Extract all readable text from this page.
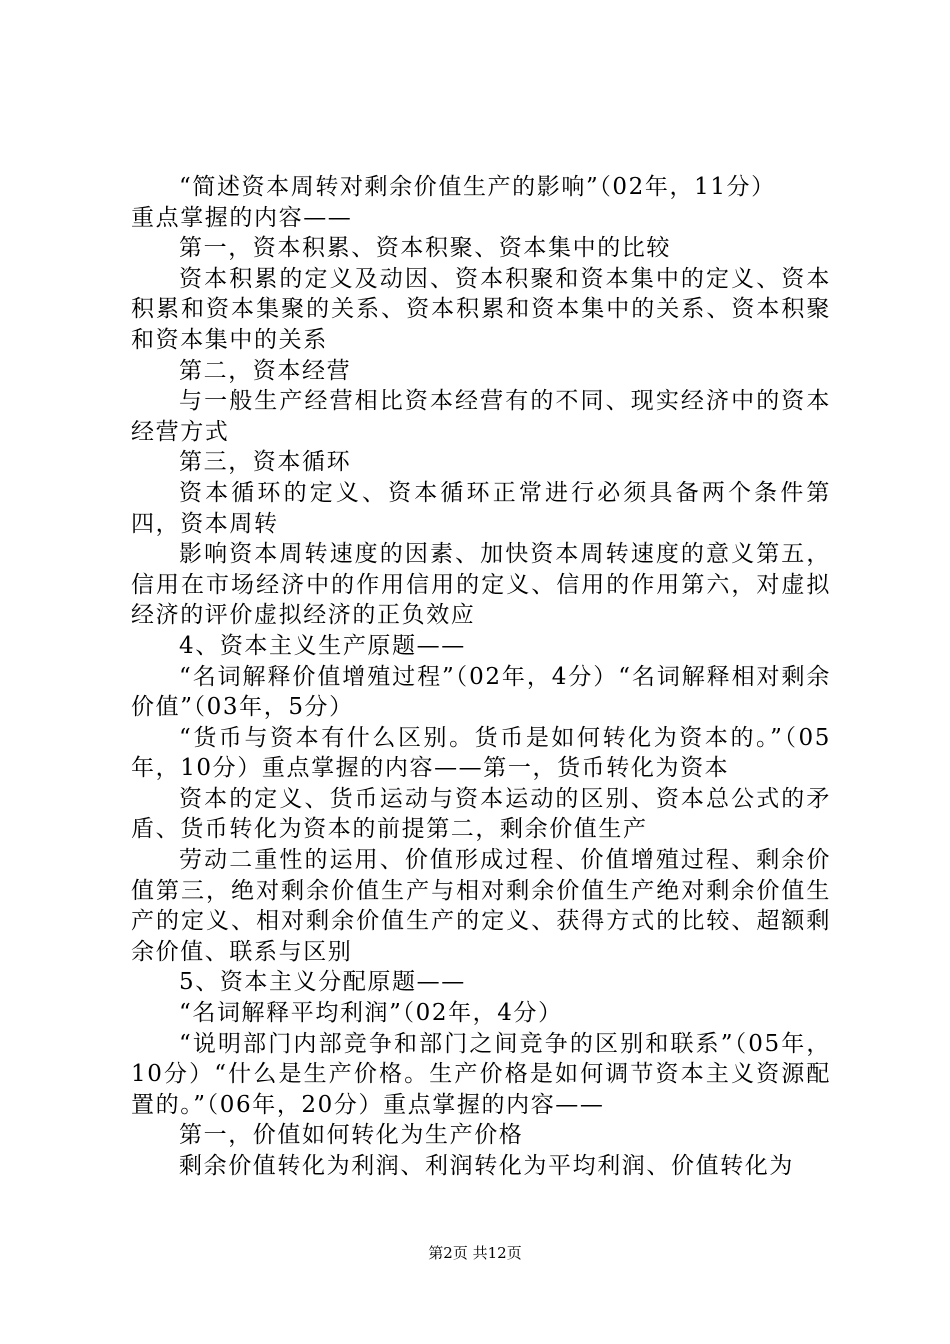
“简述资本周转对剩余价值生产的影响”（02年，11分）

重点掌握的内容——

第一，资本积累、资本积聚、资本集中的比较

资本积累的定义及动因、资本积聚和资本集中的定义、资本积累和资本集聚的关系、资本积累和资本集中的关系、资本积聚和资本集中的关系

第二，资本经营

与一般生产经营相比资本经营有的不同、现实经济中的资本经营方式

第三，资本循环

资本循环的定义、资本循环正常进行必须具备两个条件第四，资本周转

影响资本周转速度的因素、加快资本周转速度的意义第五，信用在市场经济中的作用信用的定义、信用的作用第六，对虚拟经济的评价虚拟经济的正负效应

4、资本主义生产原题——

“名词解释价值增殖过程”（02年，4分）“名词解释相对剩余价值”（03年，5分）

“货币与资本有什么区别。货币是如何转化为资本的。”（05年，10分）重点掌握的内容——第一，货币转化为资本

资本的定义、货币运动与资本运动的区别、资本总公式的矛盾、货币转化为资本的前提第二，剩余价值生产

劳动二重性的运用、价值形成过程、价值增殖过程、剩余价值第三，绝对剩余价值生产与相对剩余价值生产绝对剩余价值生产的定义、相对剩余价值生产的定义、获得方式的比较、超额剩余价值、联系与区别

5、资本主义分配原题——

“名词解释平均利润”（02年，4分）

“说明部门内部竞争和部门之间竞争的区别和联系”（05年，10分）“什么是生产价格。生产价格是如何调节资本主义资源配置的。”（06年，20分）重点掌握的内容——

第一，价值如何转化为生产价格

剩余价值转化为利润、利润转化为平均利润、价值转化为

第2页 共12页
